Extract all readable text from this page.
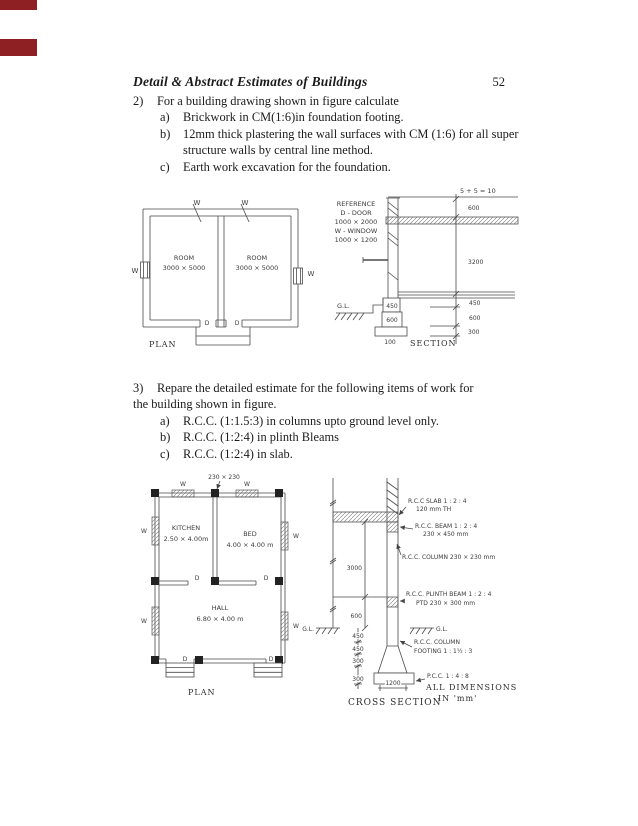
Detail & Abstract Estimates of Buildings	52
2)	For a building drawing shown in figure calculate
a)	Brickwork in CM(1:6)in foundation footing.
b)	12mm thick plastering the wall surfaces with CM (1:6) for all super structure walls by central line method.
c)	Earth work excavation for the foundation.
W	W
W	W
ROOM
3000 × 5000
ROOM
3000 × 5000
D	D
PLAN
REFERENCE
D - DOOR
1000 × 2000
W - WINDOW
1000 × 1200
5 + 5 = 10
600
3200
450
600
300
G.L.	450
600
100 SECTION
3)	Repare the detailed estimate for the following items of work for
the building shown in figure.
a)	R.C.C. (1:1.5:3) in columns upto ground level only.
b)	R.C.C. (1:2:4) in plinth Bleams
c)	R.C.C. (1:2:4) in slab.
230 × 230
W	W
W
W
W
W
KITCHEN
2.50 × 4.00m
BED
4.00 × 4.00 m
HALL
6.80 × 4.00 m
D	D
D	D
PLAN
R.C.C SLAB 1 : 2 : 4
120 mm TH
R.C.C. BEAM 1 : 2 : 4
230 × 450 mm
R.C.C. COLUMN 230 × 230 mm
3000
R.C.C. PLINTH BEAM 1 : 2 : 4
PTD 230 × 300 mm
600
G.L.	G.L.
450
450
300
300
R.C.C. COLUMN
FOOTING 1 : 1½ : 3
P.C.C. 1 : 4 : 8
1200	ALL DIMENSIONS
IN 'mm'
CROSS SECTION
